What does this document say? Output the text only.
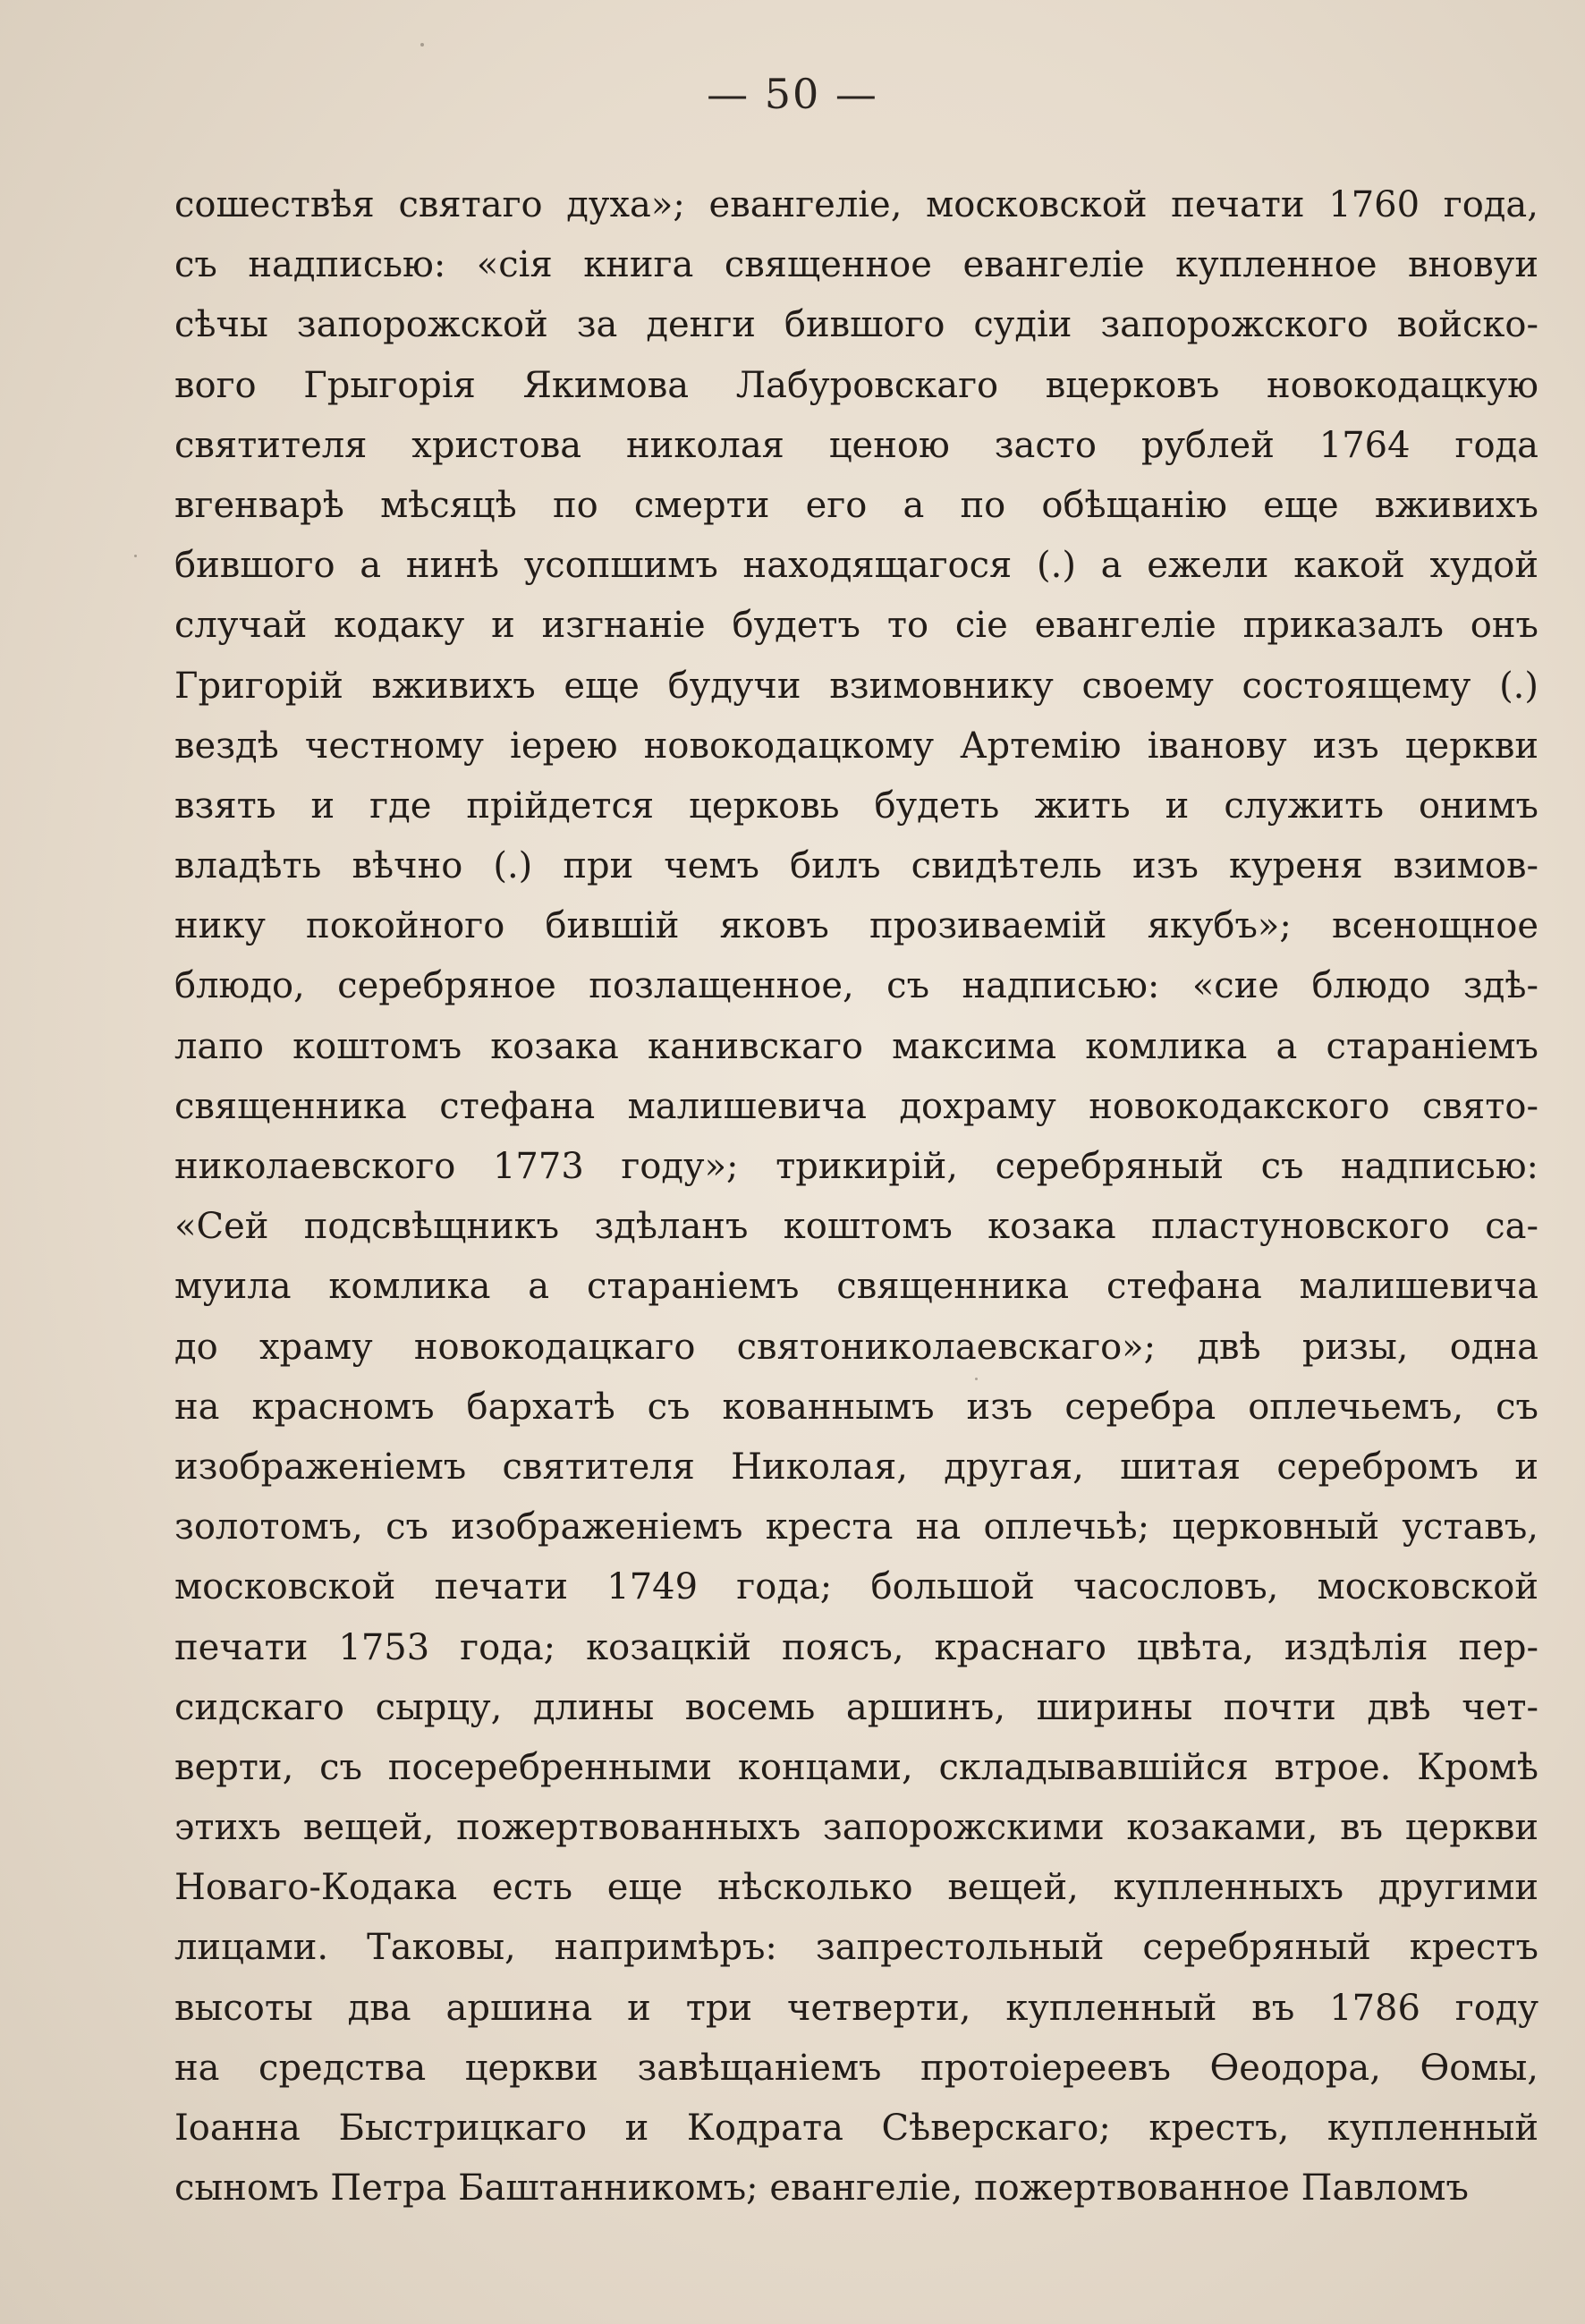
— 50 —
сошествѣя святаго духа»; евангеліе, московской печати 1760 года,
съ надписью: «сія книга священное евангеліе купленное вновуи
сѣчы запорожской за денги бившого судіи запорожского войско-
вого Грыгорія Якимова Лабуровскаго вцерковъ новокодацкую
святителя христова николая ценою засто рублей 1764 года
вгенварѣ мѣсяцѣ по смерти его а по обѣщанію еще вживихъ
бившого а нинѣ усопшимъ находящагося (.) а ежели какой худой
случай кодаку и изгнаніе будетъ то сіе евангеліе приказалъ онъ
Григорій вживихъ еще будучи взимовнику своему состоящему (.)
вездѣ честному іерею новокодацкому Артемію іванову изъ церкви
взять и где прійдется церковь будеть жить и служить онимъ
владѣть вѣчно (.) при чемъ билъ свидѣтель изъ куреня взимов-
нику покойного бившій яковъ прозиваемій якубъ»; всенощное
блюдо, серебряное позлащенное, съ надписью: «сие блюдо здѣ-
лапо коштомъ козака канивскаго максима комлика а стараніемъ
священника стефана малишевича дохраму новокодакского свято-
николаевского 1773 году»; трикирій, серебряный съ надписью:
«Сей подсвѣщникъ здѣланъ коштомъ козака пластуновского са-
муила комлика а стараніемъ священника стефана малишевича
до храму новокодацкаго святониколаевскаго»; двѣ ризы, одна
на красномъ бархатѣ съ кованнымъ изъ серебра оплечьемъ, съ
изображеніемъ святителя Николая, другая, шитая серебромъ и
золотомъ, съ изображеніемъ креста на оплечьѣ; церковный уставъ,
московской печати 1749 года; большой часословъ, московской
печати 1753 года; козацкій поясъ, краснаго цвѣта, издѣлія пер-
сидскаго сырцу, длины восемь аршинъ, ширины почти двѣ чет-
верти, съ посеребренными концами, складывавшійся втрое. Кромѣ
этихъ вещей, пожертвованныхъ запорожскими козаками, въ церкви
Новаго-Кодака есть еще нѣсколько вещей, купленныхъ другими
лицами. Таковы, напримѣръ: запрестольный серебряный крестъ
высоты два аршина и три четверти, купленный въ 1786 году
на средства церкви завѣщаніемъ протоіереевъ Өеодора, Өомы,
Іоанна Быстрицкаго и Кодрата Сѣверскаго; крестъ, купленный
сыномъ Петра Баштанникомъ; евангеліе, пожертвованное Павломъ
